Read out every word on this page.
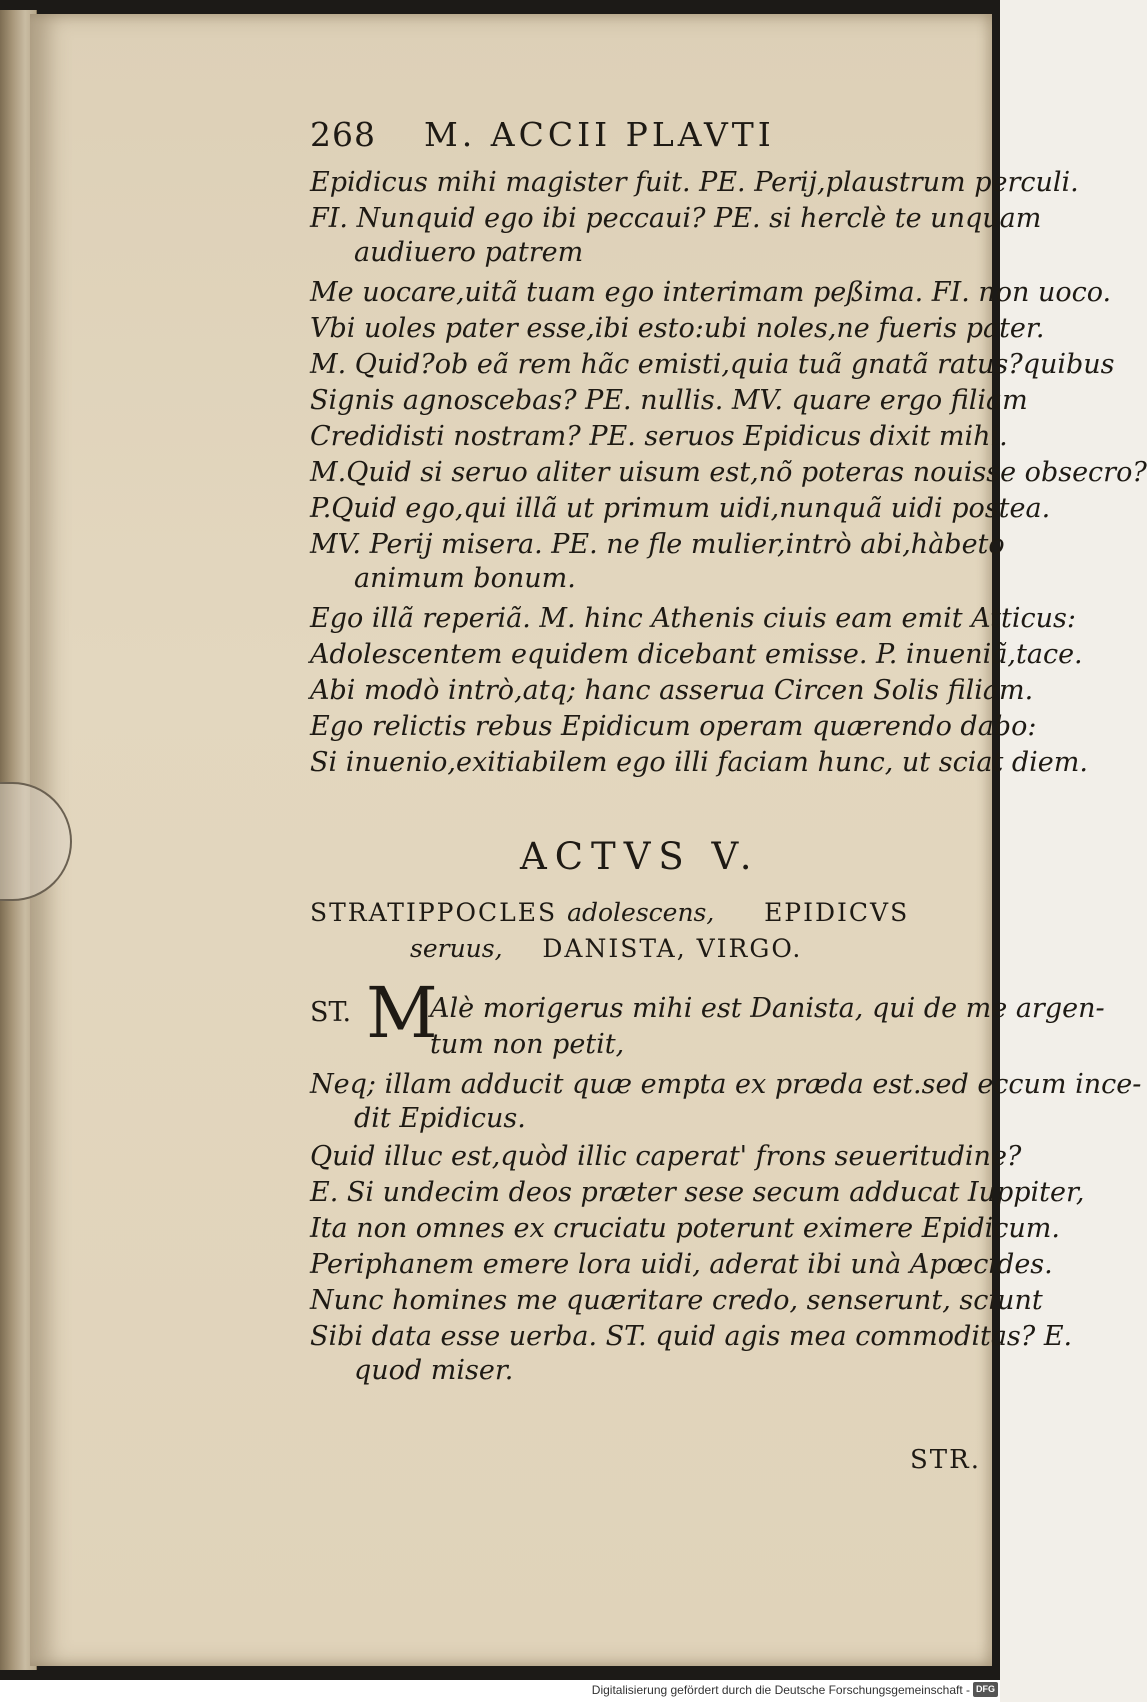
268 M. ACCII PLAVTI
Epidicus mihi magister fuit. PE. Perij,plaustrum perculi.
FI. Nunquid ego ibi peccaui? PE. si herclè te unquam
audiuero patrem
Me uocare,uitã tuam ego interimam peßima. FI. non uoco.
Vbi uoles pater esse,ibi esto:ubi noles,ne fueris pater.
M. Quid?ob eã rem hãc emisti,quia tuã gnatã ratus?quibus
Signis agnoscebas? PE. nullis. MV. quare ergo filiam
Credidisti nostram? PE. seruos Epidicus dixit mihi.
M.Quid si seruo aliter uisum est,nõ poteras nouisse obsecro?
P.Quid ego,qui illã ut primum uidi,nunquã uidi postea.
MV. Perij misera. PE. ne fle mulier,intrò abi,hàbeto
animum bonum.
Ego illã reperiã. M. hinc Athenis ciuis eam emit Atticus:
Adolescentem equidem dicebant emisse. P. inueniã,tace.
Abi modò intrò,atq; hanc asserua Circen Solis filiam.
Ego relictis rebus Epidicum operam quærendo dabo:
Si inuenio,exitiabilem ego illi faciam hunc, ut sciat diem.
ACTVS V.
STRATIPPOCLES adolescens, EPIDICVS
seruus, DANISTA, VIRGO.
ST. M
Alè morigerus mihi est Danista, qui de me argen-
tum non petit,
Neq; illam adducit quæ empta ex præda est.sed eccum ince-
dit Epidicus.
Quid illuc est,quòd illic caperat' frons seueritudine?
E. Si undecim deos præter sese secum adducat Iuppiter,
Ita non omnes ex cruciatu poterunt eximere Epidicum.
Periphanem emere lora uidi, aderat ibi unà Apœcides.
Nunc homines me quæritare credo, senserunt, sciunt
Sibi data esse uerba. ST. quid agis mea commoditas? E.
quod miser.
STR.
Digitalisierung gefördert durch die Deutsche Forschungsgemeinschaft - DFG
